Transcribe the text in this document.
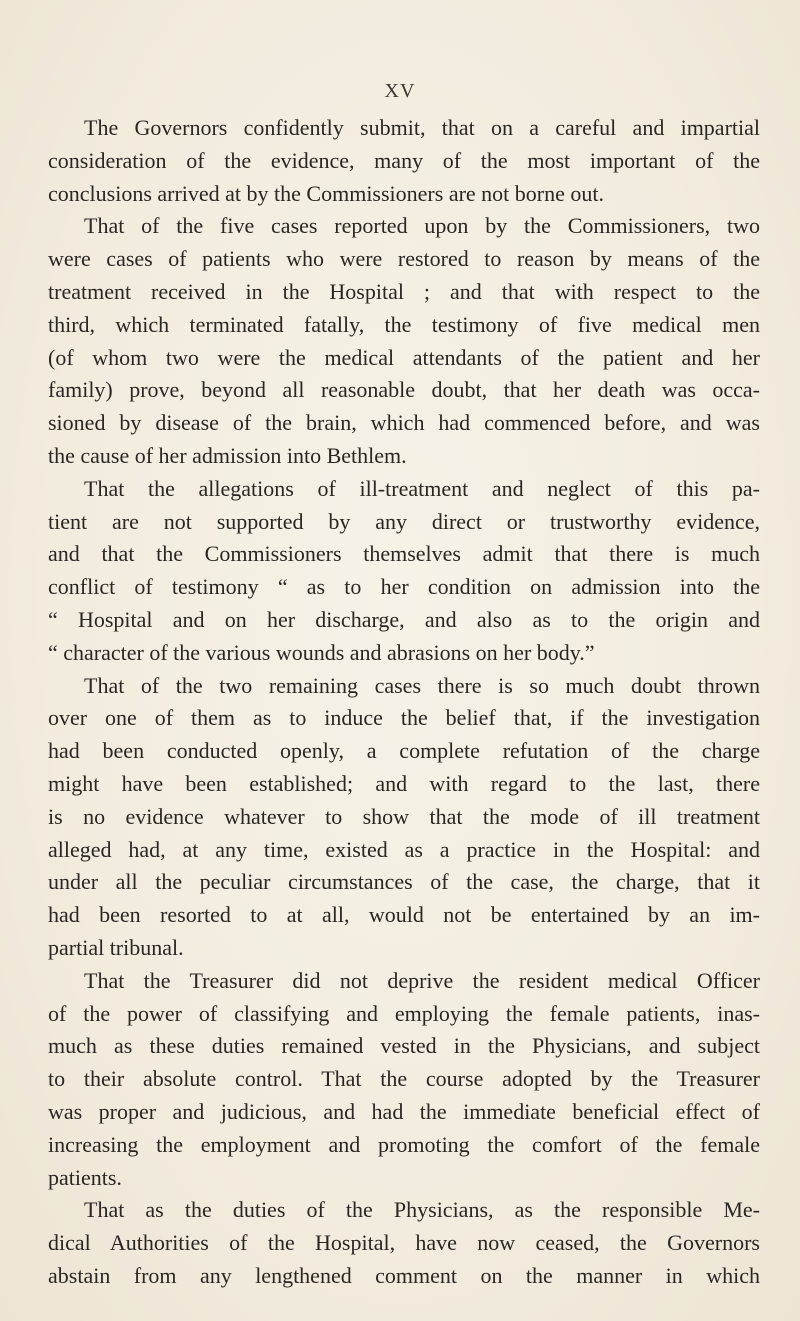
XV
The Governors confidently submit, that on a careful and impartial
consideration of the evidence, many of the most important of the
conclusions arrived at by the Commissioners are not borne out.
That of the five cases reported upon by the Commissioners, two
were cases of patients who were restored to reason by means of the
treatment received in the Hospital ; and that with respect to the
third, which terminated fatally, the testimony of five medical men
(of whom two were the medical attendants of the patient and her
family) prove, beyond all reasonable doubt, that her death was occa-
sioned by disease of the brain, which had commenced before, and was
the cause of her admission into Bethlem.
That the allegations of ill-treatment and neglect of this pa-
tient are not supported by any direct or trustworthy evidence,
and that the Commissioners themselves admit that there is much
conflict of testimony “ as to her condition on admission into the
“ Hospital and on her discharge, and also as to the origin and
“ character of the various wounds and abrasions on her body.”
That of the two remaining cases there is so much doubt thrown
over one of them as to induce the belief that, if the investigation
had been conducted openly, a complete refutation of the charge
might have been established; and with regard to the last, there
is no evidence whatever to show that the mode of ill treatment
alleged had, at any time, existed as a practice in the Hospital: and
under all the peculiar circumstances of the case, the charge, that it
had been resorted to at all, would not be entertained by an im-
partial tribunal.
That the Treasurer did not deprive the resident medical Officer
of the power of classifying and employing the female patients, inas-
much as these duties remained vested in the Physicians, and subject
to their absolute control. That the course adopted by the Treasurer
was proper and judicious, and had the immediate beneficial effect of
increasing the employment and promoting the comfort of the female
patients.
That as the duties of the Physicians, as the responsible Me-
dical Authorities of the Hospital, have now ceased, the Governors
abstain from any lengthened comment on the manner in which
